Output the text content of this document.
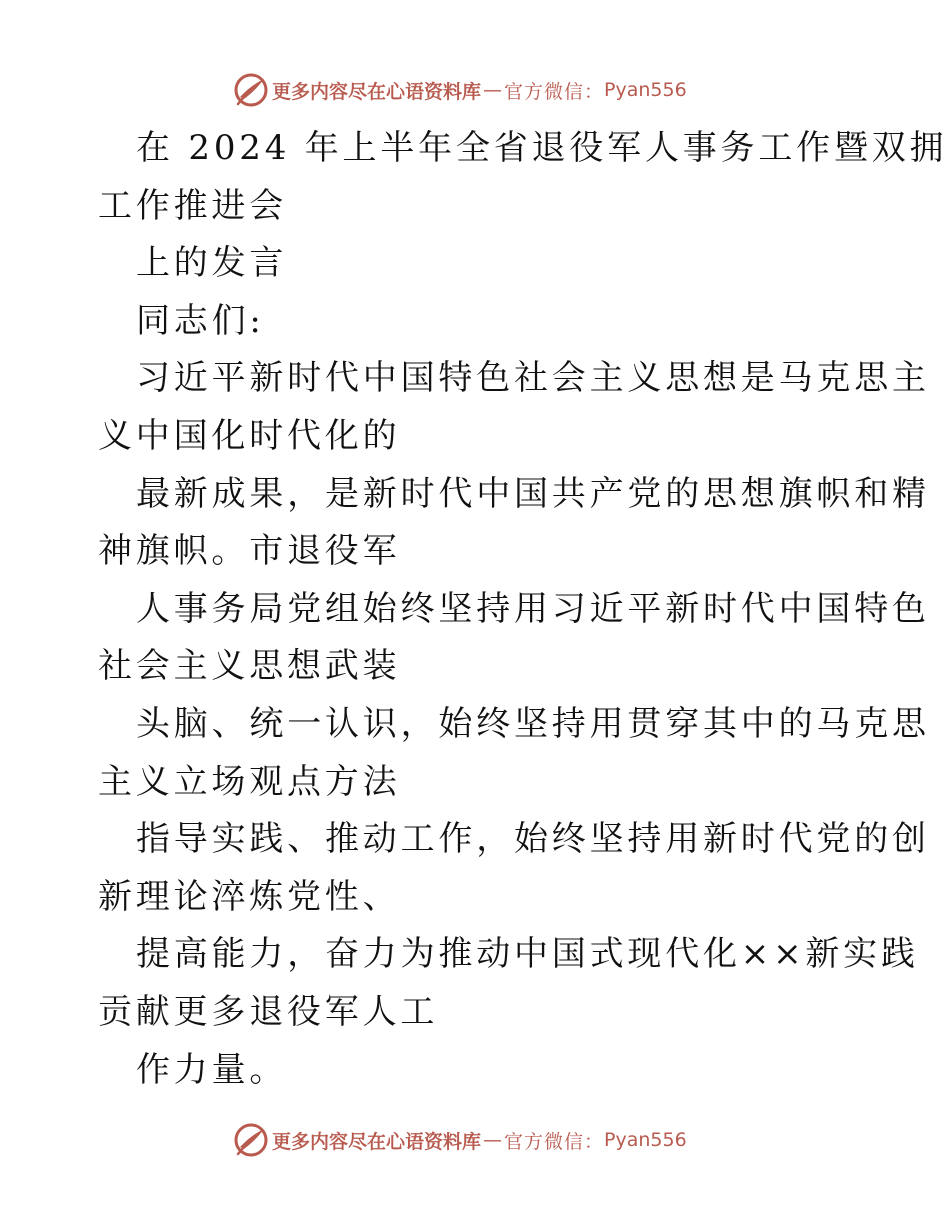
更多内容尽在心语资料库 — 官方微信： Pyan556
在 2024 年上半年全省退役军人事务工作暨双拥
工作推进会
上的发言
同志们:
习近平新时代中国特色社会主义思想是马克思主
义中国化时代化的
最新成果，是新时代中国共产党的思想旗帜和精
神旗帜。市退役军
人事务局党组始终坚持用习近平新时代中国特色
社会主义思想武装
头脑、统一认识，始终坚持用贯穿其中的马克思
主义立场观点方法
指导实践、推动工作，始终坚持用新时代党的创
新理论淬炼党性、
提高能力，奋力为推动中国式现代化××新实践
贡献更多退役军人工
作力量。
更多内容尽在心语资料库 — 官方微信： Pyan556
